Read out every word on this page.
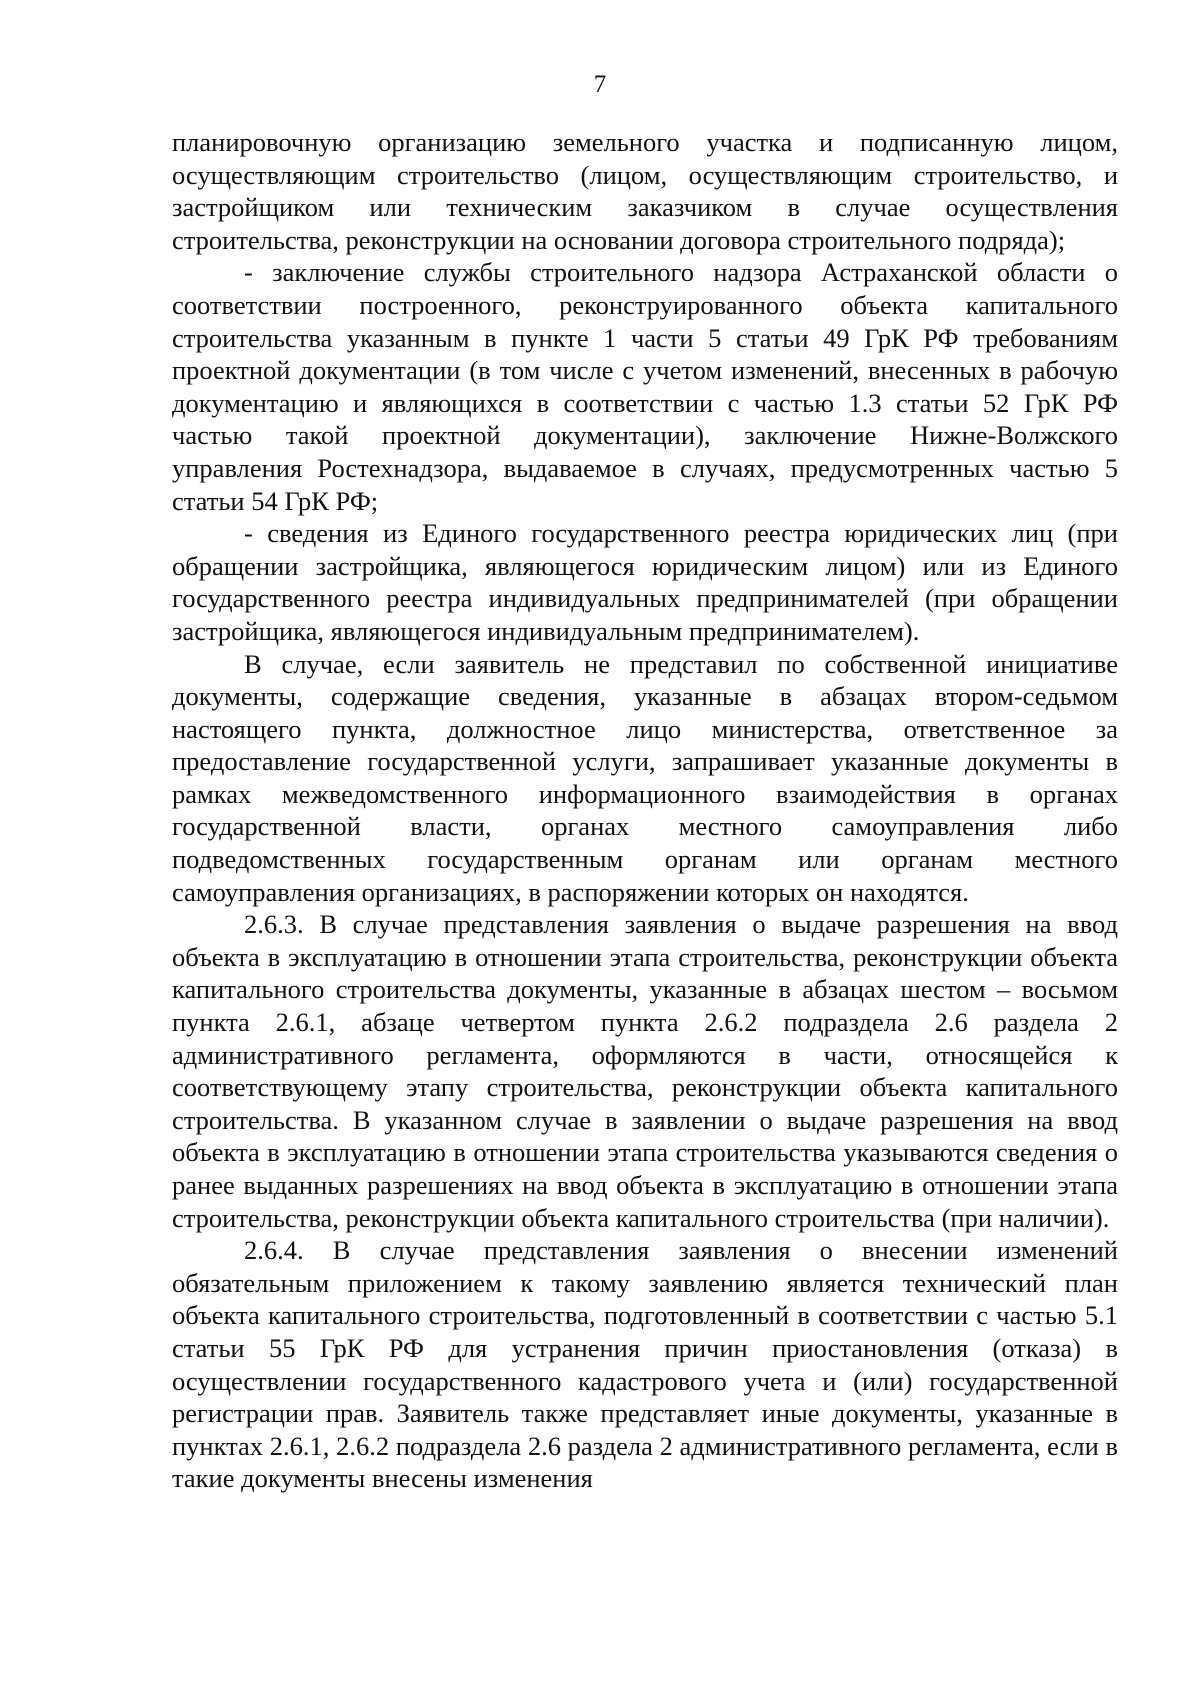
7

планировочную организацию земельного участка и подписанную лицом, осуществляющим строительство (лицом, осуществляющим строительство, и застройщиком или техническим заказчиком в случае осуществления строительства, реконструкции на основании договора строительного подряда);

- заключение службы строительного надзора Астраханской области о соответствии построенного, реконструированного объекта капитального строительства указанным в пункте 1 части 5 статьи 49 ГрК РФ требованиям проектной документации (в том числе с учетом изменений, внесенных в рабочую документацию и являющихся в соответствии с частью 1.3 статьи 52 ГрК РФ частью такой проектной документации), заключение Нижне-Волжского управления Ростехнадзора, выдаваемое в случаях, предусмотренных частью 5 статьи 54 ГрК РФ;

- сведения из Единого государственного реестра юридических лиц (при обращении застройщика, являющегося юридическим лицом) или из Единого государственного реестра индивидуальных предпринимателей (при обращении застройщика, являющегося индивидуальным предпринимателем).

В случае, если заявитель не представил по собственной инициативе документы, содержащие сведения, указанные в абзацах втором-седьмом настоящего пункта, должностное лицо министерства, ответственное за предоставление государственной услуги, запрашивает указанные документы в рамках межведомственного информационного взаимодействия в органах государственной власти, органах местного самоуправления либо подведомственных государственным органам или органам местного самоуправления организациях, в распоряжении которых он находятся.

2.6.3. В случае представления заявления о выдаче разрешения на ввод объекта в эксплуатацию в отношении этапа строительства, реконструкции объекта капитального строительства документы, указанные в абзацах шестом – восьмом пункта 2.6.1, абзаце четвертом пункта 2.6.2 подраздела 2.6 раздела 2 административного регламента, оформляются в части, относящейся к соответствующему этапу строительства, реконструкции объекта капитального строительства. В указанном случае в заявлении о выдаче разрешения на ввод объекта в эксплуатацию в отношении этапа строительства указываются сведения о ранее выданных разрешениях на ввод объекта в эксплуатацию в отношении этапа строительства, реконструкции объекта капитального строительства (при наличии).

2.6.4. В случае представления заявления о внесении изменений обязательным приложением к такому заявлению является технический план объекта капитального строительства, подготовленный в соответствии с частью 5.1 статьи 55 ГрК РФ для устранения причин приостановления (отказа) в осуществлении государственного кадастрового учета и (или) государственной регистрации прав. Заявитель также представляет иные документы, указанные в пунктах 2.6.1, 2.6.2 подраздела 2.6 раздела 2 административного регламента, если в такие документы внесены изменения
